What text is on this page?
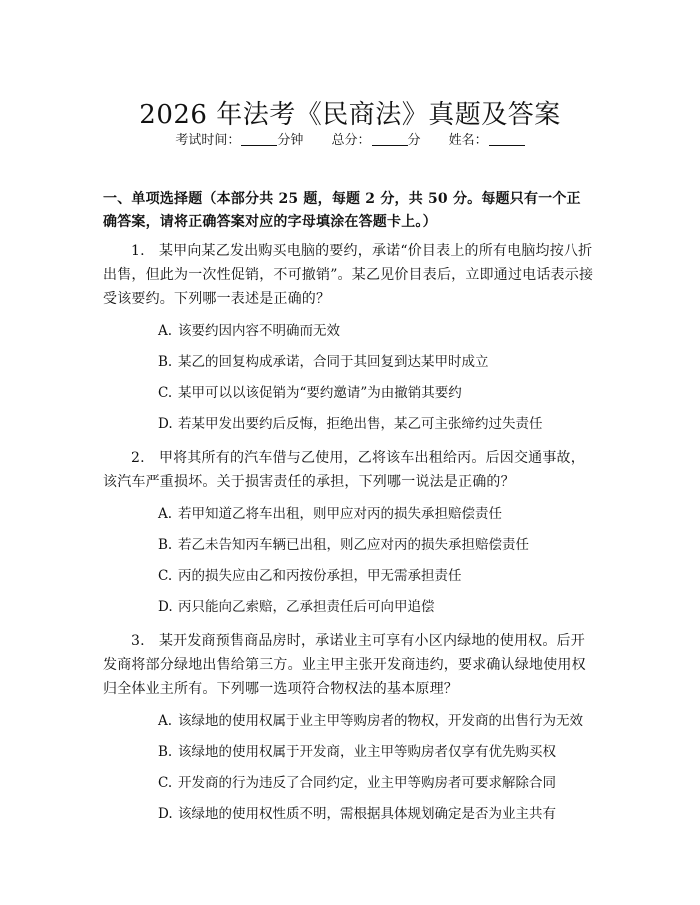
2026 年法考《民商法》真题及答案
考试时间：	分钟 总分：	分 姓名：
一、单项选择题（本部分共 25 题，每题 2 分，共 50 分。每题只有一个正确答案，请将正确答案对应的字母填涂在答题卡上。）

1.　某甲向某乙发出购买电脑的要约，承诺“价目表上的所有电脑均按八折出售，但此为一次性促销，不可撤销”。某乙见价目表后，立即通过电话表示接受该要约。下列哪一表述是正确的？

A. 该要约因内容不明确而无效
B. 某乙的回复构成承诺，合同于其回复到达某甲时成立
C. 某甲可以以该促销为“要约邀请”为由撤销其要约
D. 若某甲发出要约后反悔，拒绝出售，某乙可主张缔约过失责任

2.　甲将其所有的汽车借与乙使用，乙将该车出租给丙。后因交通事故，该汽车严重损坏。关于损害责任的承担，下列哪一说法是正确的？

A. 若甲知道乙将车出租，则甲应对丙的损失承担赔偿责任
B. 若乙未告知丙车辆已出租，则乙应对丙的损失承担赔偿责任
C. 丙的损失应由乙和丙按份承担，甲无需承担责任
D. 丙只能向乙索赔，乙承担责任后可向甲追偿

3.　某开发商预售商品房时，承诺业主可享有小区内绿地的使用权。后开发商将部分绿地出售给第三方。业主甲主张开发商违约，要求确认绿地使用权归全体业主所有。下列哪一选项符合物权法的基本原理？

A. 该绿地的使用权属于业主甲等购房者的物权，开发商的出售行为无效
B. 该绿地的使用权属于开发商，业主甲等购房者仅享有优先购买权
C. 开发商的行为违反了合同约定，业主甲等购房者可要求解除合同
D. 该绿地的使用权性质不明，需根据具体规划确定是否为业主共有
